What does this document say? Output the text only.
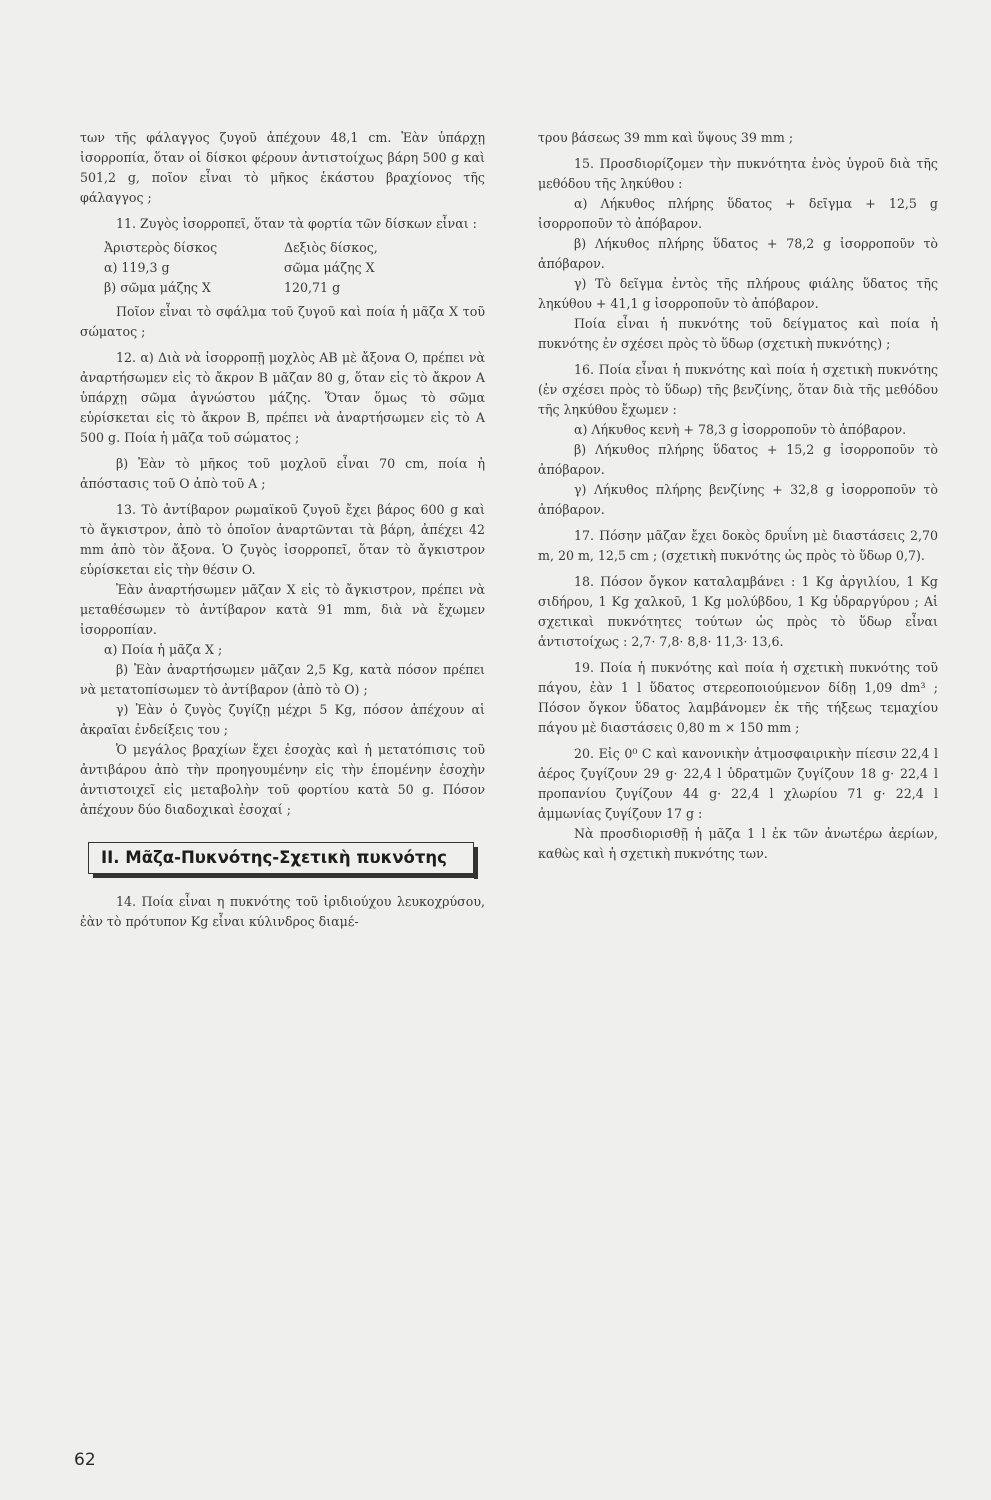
των τῆς φάλαγγος ζυγοῦ ἀπέχουν 48,1 cm. Ἐὰν ὑπάρχῃ ἰσορροπία, ὅταν οἱ δίσκοι φέρουν ἀντιστοίχως βάρη 500 g καὶ 501,2 g, ποῖον εἶναι τὸ μῆκος ἑκάστου βραχίονος τῆς φάλαγγος ;

11. Ζυγὸς ἰσορροπεῖ, ὅταν τὰ φορτία τῶν δίσκων εἶναι :

Ἀριστερὸς δίσκος	Δεξιὸς δίσκος,
α) 119,3 g	σῶμα μάζης X
β) σῶμα μάζης X	120,71 g

Ποῖον εἶναι τὸ σφάλμα τοῦ ζυγοῦ καὶ ποία ἡ μᾶζα X τοῦ σώματος ;

12. α) Διὰ νὰ ἰσορροπῇ μοχλὸς AB μὲ ἄξονα O, πρέπει νὰ ἀναρτήσωμεν εἰς τὸ ἄκρον B μᾶζαν 80 g, ὅταν εἰς τὸ ἄκρον A ὑπάρχῃ σῶμα ἀγνώστου μάζης. Ὅταν ὅμως τὸ σῶμα εὑρίσκεται εἰς τὸ ἄκρον B, πρέπει νὰ ἀναρτήσωμεν εἰς τὸ A 500 g. Ποία ἡ μᾶζα τοῦ σώματος ;

β) Ἐὰν τὸ μῆκος τοῦ μοχλοῦ εἶναι 70 cm, ποία ἡ ἀπόστασις τοῦ O ἀπὸ τοῦ A ;

13. Τὸ ἀντίβαρον ρωμαϊκοῦ ζυγοῦ ἔχει βάρος 600 g καὶ τὸ ἄγκιστρον, ἀπὸ τὸ ὁποῖον ἀναρτῶνται τὰ βάρη, ἀπέχει 42 mm ἀπὸ τὸν ἄξονα. Ὁ ζυγὸς ἰσορροπεῖ, ὅταν τὸ ἄγκιστρον εὑρίσκεται εἰς τὴν θέσιν O.

Ἐὰν ἀναρτήσωμεν μᾶζαν X εἰς τὸ ἄγκιστρον, πρέπει νὰ μεταθέσωμεν τὸ ἀντίβαρον κατὰ 91 mm, διὰ νὰ ἔχωμεν ἰσορροπίαν.

α) Ποία ἡ μᾶζα X ;

β) Ἐὰν ἀναρτήσωμεν μᾶζαν 2,5 Kg, κατὰ πόσον πρέπει νὰ μετατοπίσωμεν τὸ ἀντίβαρον (ἀπὸ τὸ O) ;

γ) Ἐὰν ὁ ζυγὸς ζυγίζῃ μέχρι 5 Kg, πόσον ἀπέχουν αἱ ἀκραῖαι ἐνδείξεις του ;

Ὁ μεγάλος βραχίων ἔχει ἐσοχὰς καὶ ἡ μετατόπισις τοῦ ἀντιβάρου ἀπὸ τὴν προηγουμένην εἰς τὴν ἑπομένην ἐσοχὴν ἀντιστοιχεῖ εἰς μεταβολὴν τοῦ φορτίου κατὰ 50 g. Πόσον ἀπέχουν δύο διαδοχικαὶ ἐσοχαί ;

ΙΙ. Μᾶζα-Πυκνότης-Σχετικὴ πυκνότης

14. Ποία εἶναι η πυκνότης τοῦ ἰριδιούχου λευκοχρύσου, ἐὰν τὸ πρότυπον Kg εἶναι κύλινδρος διαμέ-

τρου βάσεως 39 mm καὶ ὕψους 39 mm ;

15. Προσδιορίζομεν τὴν πυκνότητα ἑνὸς ὑγροῦ διὰ τῆς μεθόδου τῆς ληκύθου :

α) Λήκυθος πλήρης ὕδατος + δεῖγμα + 12,5 g ἰσορροποῦν τὸ ἀπόβαρον.

β) Λήκυθος πλήρης ὕδατος + 78,2 g ἰσορροποῦν τὸ ἀπόβαρον.

γ) Τὸ δεῖγμα ἐντὸς τῆς πλήρους φιάλης ὕδατος τῆς ληκύθου + 41,1 g ἰσορροποῦν τὸ ἀπόβαρον.

Ποία εἶναι ἡ πυκνότης τοῦ δείγματος καὶ ποία ἡ πυκνότης ἐν σχέσει πρὸς τὸ ὕδωρ (σχετικὴ πυκνότης) ;

16. Ποία εἶναι ἡ πυκνότης καὶ ποία ἡ σχετικὴ πυκνότης (ἐν σχέσει πρὸς τὸ ὕδωρ) τῆς βενζίνης, ὅταν διὰ τῆς μεθόδου τῆς ληκύθου ἔχωμεν :

α) Λήκυθος κενὴ + 78,3 g ἰσορροποῦν τὸ ἀπόβαρον.

β) Λήκυθος πλήρης ὕδατος + 15,2 g ἰσορροποῦν τὸ ἀπόβαρον.

γ) Λήκυθος πλήρης βενζίνης + 32,8 g ἰσορροποῦν τὸ ἀπόβαρον.

17. Πόσην μᾶζαν ἔχει δοκὸς δρυΐνη μὲ διαστάσεις 2,70 m, 20 m, 12,5 cm ; (σχετικὴ πυκνότης ὡς πρὸς τὸ ὕδωρ 0,7).

18. Πόσον ὄγκον καταλαμβάνει : 1 Kg ἀργιλίου, 1 Kg σιδήρου, 1 Kg χαλκοῦ, 1 Kg μολύβδου, 1 Kg ὑδραργύρου ; Αἱ σχετικαὶ πυκνότητες τούτων ὡς πρὸς τὸ ὕδωρ εἶναι ἀντιστοίχως : 2,7· 7,8· 8,8· 11,3· 13,6.

19. Ποία ἡ πυκνότης καὶ ποία ἡ σχετικὴ πυκνότης τοῦ πάγου, ἐὰν 1 l ὕδατος στερεοποιούμενον δίδῃ 1,09 dm³ ; Πόσον ὄγκον ὕδατος λαμβάνομεν ἐκ τῆς τήξεως τεμαχίου πάγου μὲ διαστάσεις 0,80 m × 150 mm ;

20. Εἰς 0⁰ C καὶ κανονικὴν ἀτμοσφαιρικὴν πίεσιν 22,4 l ἀέρος ζυγίζουν 29 g· 22,4 l ὑδρατμῶν ζυγίζουν 18 g· 22,4 l προπανίου ζυγίζουν 44 g· 22,4 l χλωρίου 71 g· 22,4 l ἀμμωνίας ζυγίζουν 17 g :

Νὰ προσδιορισθῇ ἡ μᾶζα 1 l ἐκ τῶν ἀνωτέρω ἀερίων, καθὼς καὶ ἡ σχετικὴ πυκνότης των.

62
